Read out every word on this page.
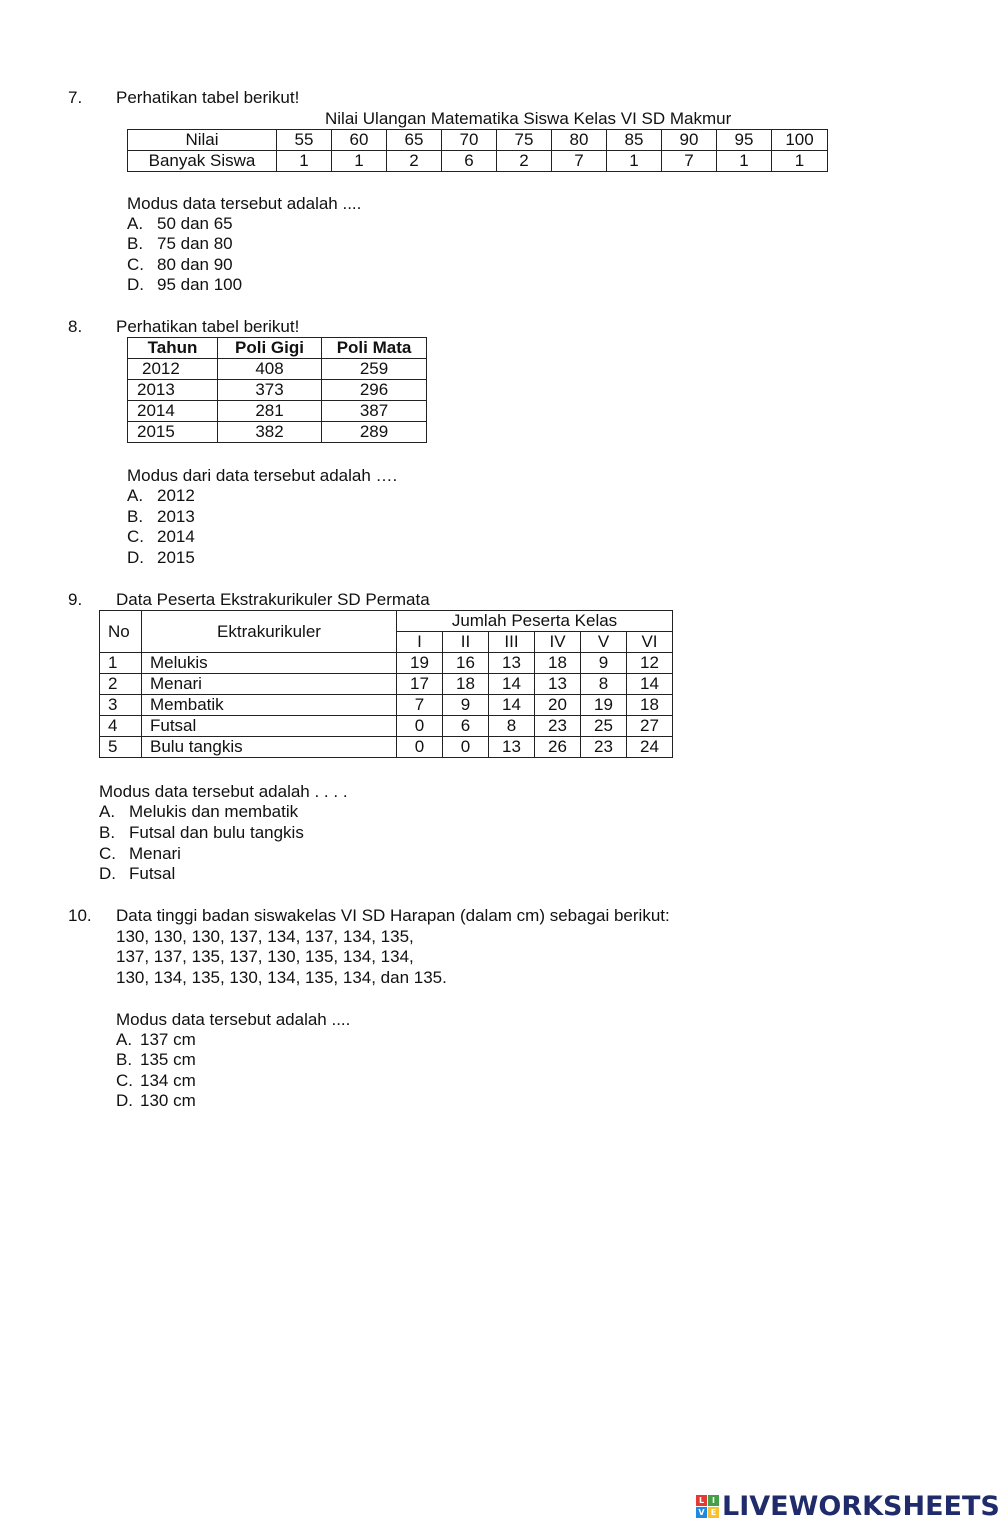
7. Perhatikan tabel berikut!
Nilai Ulangan Matematika Siswa Kelas VI SD Makmur
Nilai	55	60	65	70	75	80	85	90	95	100
Banyak Siswa	1	1	2	6	2	7	1	7	1	1
Modus data tersebut adalah ....
A. 50 dan 65
B. 75 dan 80
C. 80 dan 90
D. 95 dan 100
8. Perhatikan tabel berikut!
Tahun	Poli Gigi	Poli Mata
2012	408	259
2013	373	296
2014	281	387
2015	382	289
Modus dari data tersebut adalah ….
A. 2012
B. 2013
C. 2014
D. 2015
9. Data Peserta Ekstrakurikuler SD Permata
No	Ektrakurikuler	Jumlah Peserta Kelas					
		I	II	III	IV	V	VI
1	Melukis	19	16	13	18	9	12
2	Menari	17	18	14	13	8	14
3	Membatik	7	9	14	20	19	18
4	Futsal	0	6	8	23	25	27
5	Bulu tangkis	0	0	13	26	23	24
Modus data tersebut adalah . . . .
A. Melukis dan membatik
B. Futsal dan bulu tangkis
C. Menari
D. Futsal
10. Data tinggi badan siswakelas VI SD Harapan (dalam cm) sebagai berikut:
130, 130, 130, 137, 134, 137, 134, 135,
137, 137, 135, 137, 130, 135, 134, 134,
130, 134, 135, 130, 134, 135, 134, dan 135.
Modus data tersebut adalah ....
A. 137 cm
B. 135 cm
C. 134 cm
D. 130 cm
L I
V E LIVEWORKSHEETS
